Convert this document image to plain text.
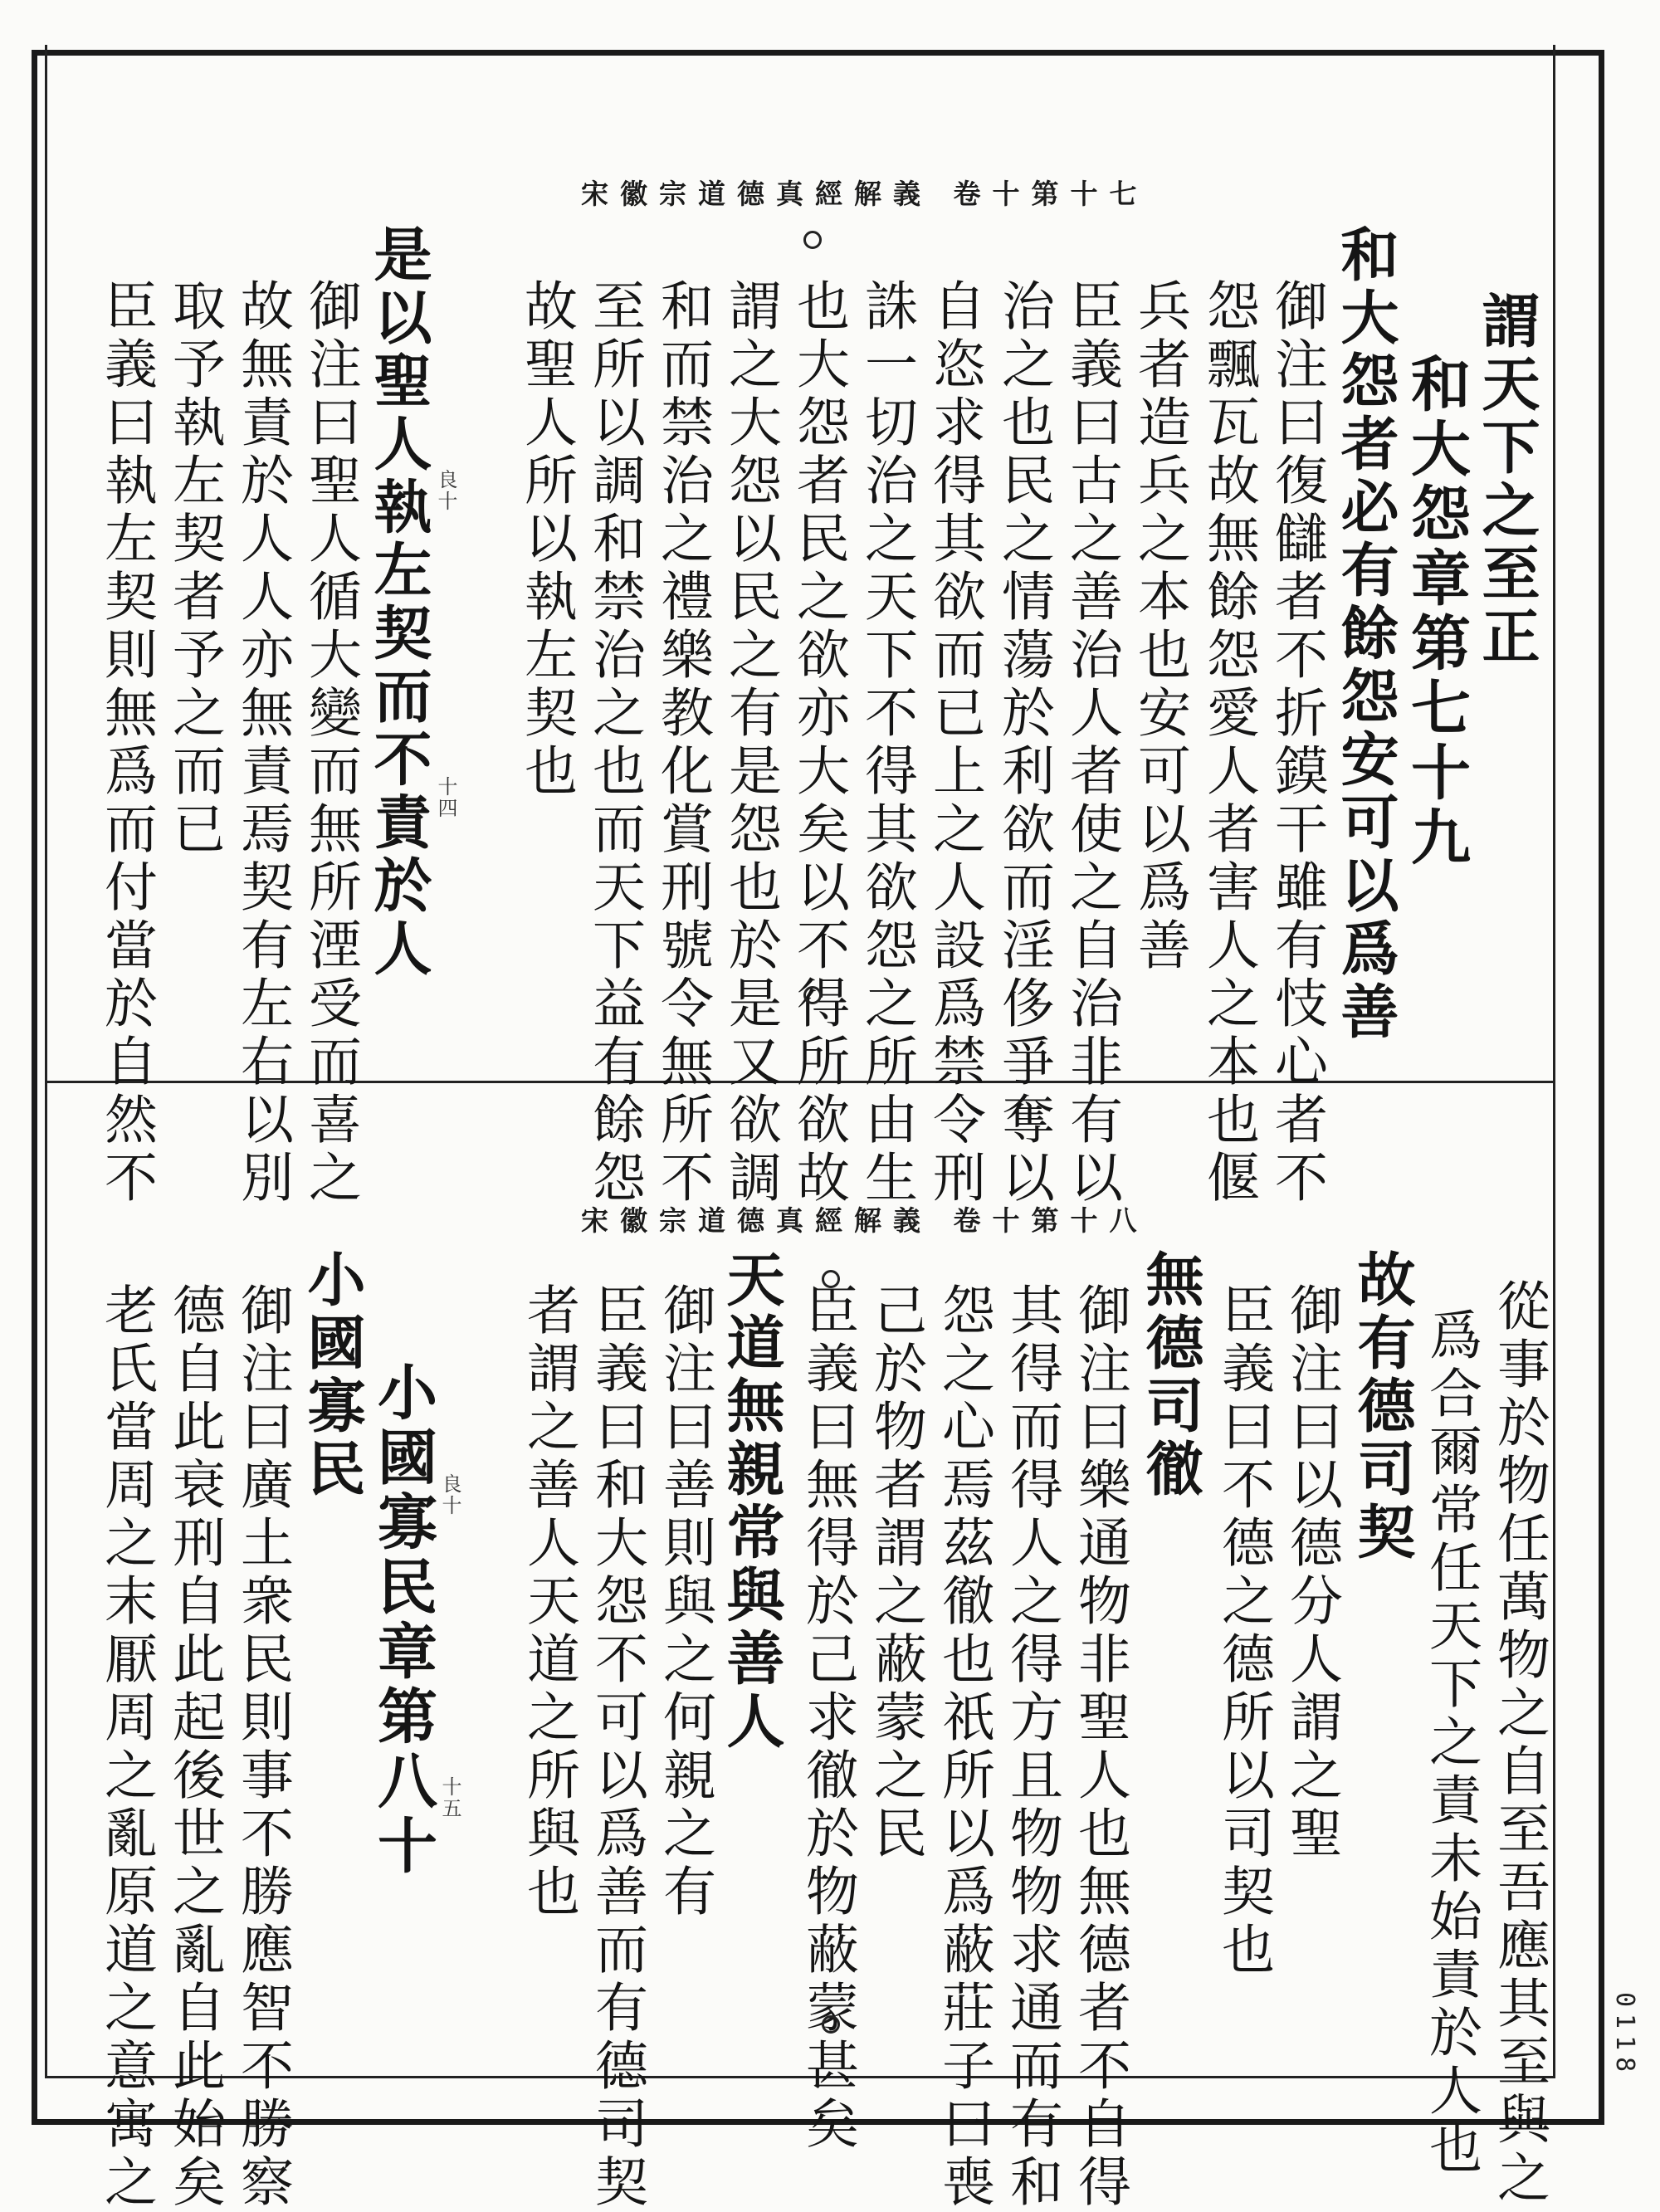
宋徽宗道德真經解義 卷十第十七
謂天下之至正
和大怨章第七十九
和大怨者必有餘怨安可以爲善
御注曰復讎者不折鏌干雖有忮心者不
怨飄瓦故無餘怨愛人者害人之本也偃
兵者造兵之本也安可以爲善
臣義曰古之善治人者使之自治非有以
治之也民之情蕩於利欲而淫侈爭奪以
自恣求得其欲而已上之人設爲禁令刑
誅一切治之天下不得其欲怨之所由生
也大怨者民之欲亦大矣以不得所欲故
謂之大怨以民之有是怨也於是又欲調
和而禁治之禮樂教化賞刑號令無所不
至所以調和禁治之也而天下益有餘怨
故聖人所以執左契也
是以聖人執左契而不責於人
御注曰聖人循大變而無所湮受而喜之
故無責於人人亦無責焉契有左右以別
取予執左契者予之而已
臣義曰執左契則無爲而付當於自然不	良十
十四
宋徽宗道德真經解義 卷十第十八
從事於物任萬物之自至吾應其至與之
爲合爾常任天下之責未始責於人也
故有德司契
御注曰以德分人謂之聖
臣義曰不德之德所以司契也
無德司徹
御注曰樂通物非聖人也無德者不自得
其得而得人之得方且物物求通而有和
怨之心焉茲徹也祇所以爲蔽莊子曰喪
己於物者謂之蔽蒙之民
臣義曰無得於己求徹於物蔽蒙甚矣
天道無親常與善人
御注曰善則與之何親之有
臣義曰和大怨不可以爲善而有德司契
者謂之善人天道之所與也
小國寡民章第八十
小國寡民
御注曰廣土衆民則事不勝應智不勝察
德自此衰刑自此起後世之亂自此始矣
老氏當周之末厭周之亂原道之意寓之	良十
十五
0118
